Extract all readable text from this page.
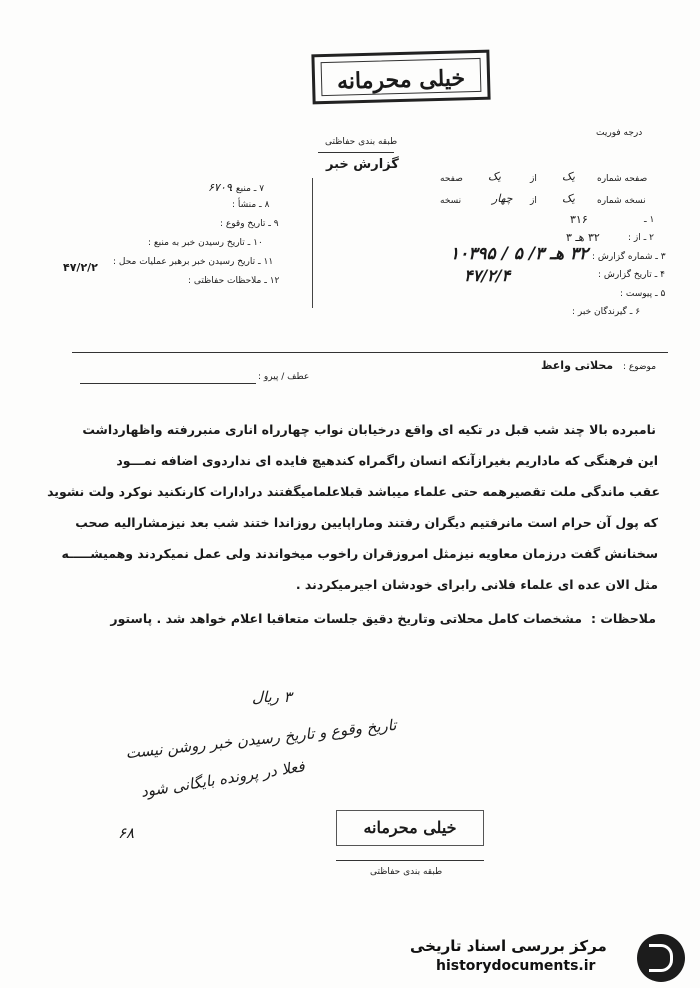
خیلی محرمانه
درجه فوریت
طبقه بندی حفاظتی
گزارش خبر
۷ ـ منبع :
۶۷۰۹
۸ ـ منشأ :
۹ ـ تاریخ وقوع :
۱۰ ـ تاریخ رسیدن خبر به منبع :
۱۱ ـ تاریخ رسیدن خبر برهبر عملیات محل :
۴۷/۲/۲
۱۲ ـ ملاحظات حفاظتی :
صفحه شماره
یک
از
یک
صفحه
نسخه شماره
یک
از
چهار
نسخه
۱ ـ
۳۱۶
۲ ـ از :
۳۲ هـ ۳
۳ ـ شماره گزارش :
۳۲ هـ ۳/ ۵ / ۱۰۳۹۵
۴ ـ تاریخ گزارش :
۴۷/۲/۴
۵ ـ پیوست :
۶ ـ گیرندگان خبر :
موضوع :
محلاتی واعظ
عطف / پیرو :
نامبرده بالا چند شب قبل در تکیه ای واقع درخیابان نواب چهارراه اناری منبررفته واظهارداشت
این فرهنگی که ماداریم بغیرازآنکه انسان راگمراه کندهیچ فایده ای نداردوی اضافه نمـــود
عقب ماندگی ملت تقصیرهمه حتی علماء میباشد قبلاعلمامیگفتند درادارات کارنکنید نوکرد ولت نشوید
که پول آن حرام است مانرفتیم دیگران رفتند وماراپایین روزاندا ختند شب بعد نیزمشاراليه صحب
سخنانش گفت درزمان معاویه نیزمثل امروزقران راخوب میخواندند ولی عمل نمیکردند وهمیشـــــه
مثل الان عده ای علماء فلانی رابرای خودشان اجیرمیکردند .
ملاحظات :
مشخصات کامل محلاتی وتاریخ دقیق جلسات متعاقبا اعلام خواهد شد . پاستور
۳ ریال
تاریخ وقوع و تاریخ رسیدن خبر روشن نیست
فعلا در پرونده بایگانی شود
۶۸	خیلی محرمانه
طبقه بندی حفاظتی
مرکز بررسی اسناد تاریخی
historydocuments.ir
